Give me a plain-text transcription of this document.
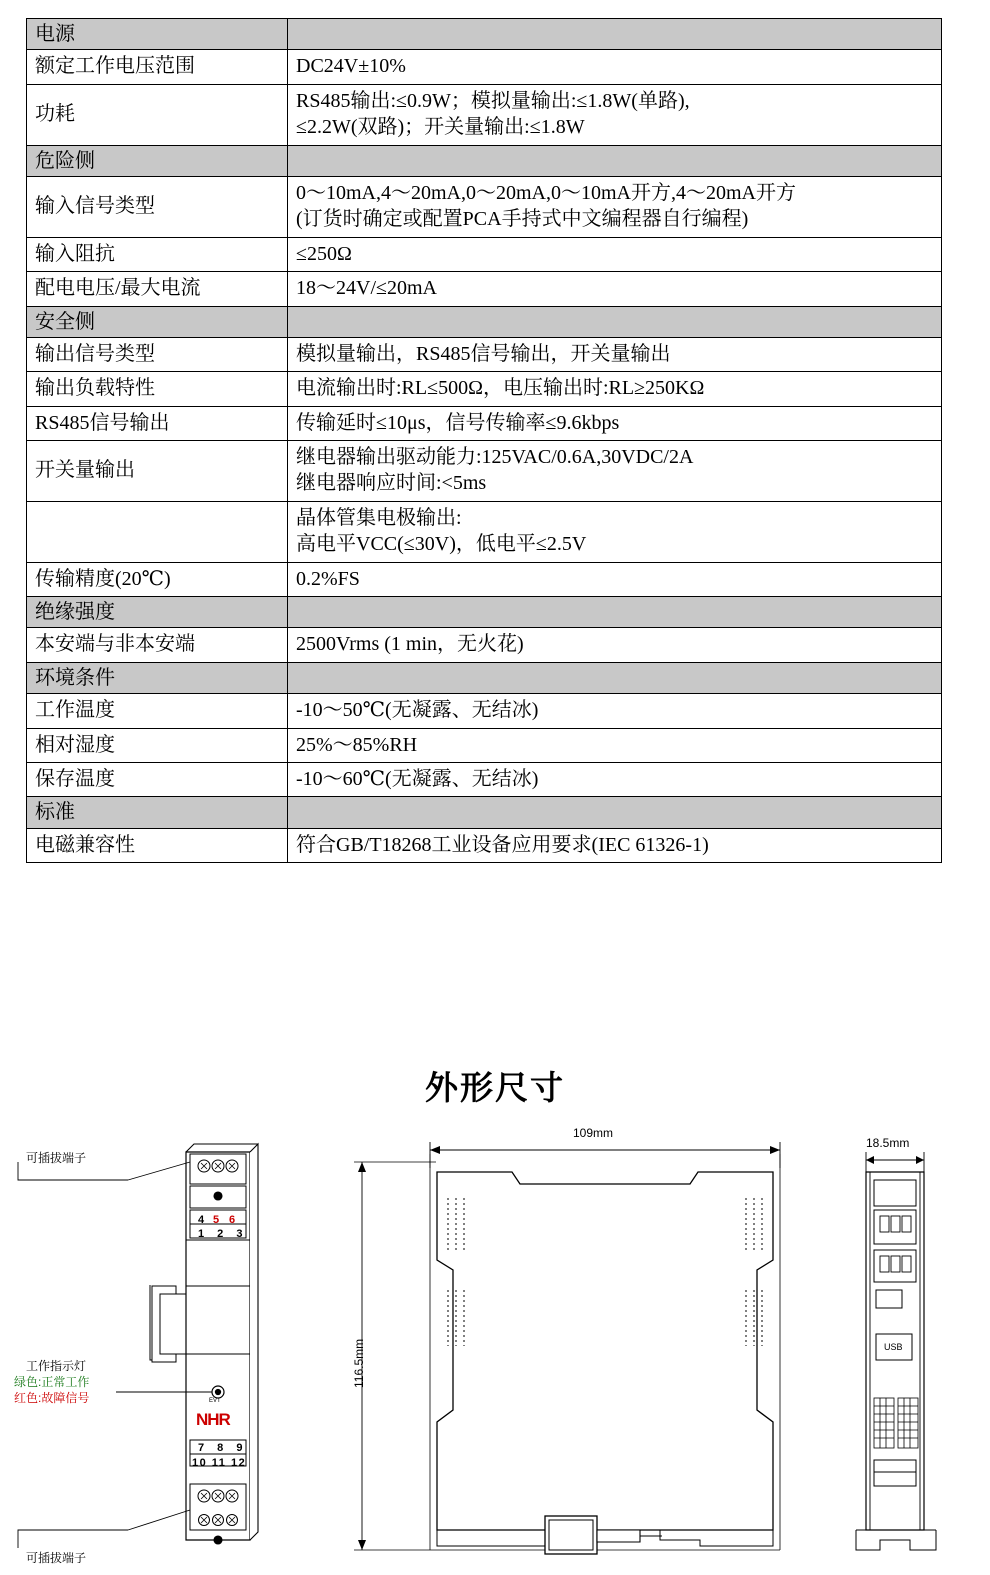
电源	
额定工作电压范围	DC24V±10%

功耗	RS485输出:≤0.9W；模拟量输出:≤1.8W(单路),
≤2.2W(双路)；开关量输出:≤1.8W

危险侧	
输入信号类型	0～10mA,4～20mA,0～20mA,0～10mA开方,4～20mA开方
(订货时确定或配置PCA手持式中文编程器自行编程)

输入阻抗	≤250Ω

配电电压/最大电流	18～24V/≤20mA

安全侧	
输出信号类型	模拟量输出，RS485信号输出，开关量输出

输出负载特性	电流输出时:RL≤500Ω，电压输出时:RL≥250KΩ

RS485信号输出	传输延时≤10μs，信号传输率≤9.6kbps

开关量输出	继电器输出驱动能力:125VAC/0.6A,30VDC/2A
继电器响应时间:<5ms

	晶体管集电极输出:
高电平VCC(≤30V)，低电平≤2.5V

传输精度(20℃)	0.2%FS

绝缘强度	
本安端与非本安端	2500Vrms (1 min，无火花)

环境条件	
工作温度	-10～50℃(无凝露、无结冰)

相对湿度	25%～85%RH

保存温度	-10～60℃(无凝露、无结冰)

标准	
电磁兼容性	符合GB/T18268工业设备应用要求(IEC 61326-1)
外形尺寸
可插拔端子
可插拔端子
工作指示灯
绿色:正常工作
红色:故障信号
4 5 6
1 2 3
7 8 9
10 11 12
EVT
NHR
109mm
116.5mm
18.5mm
USB
